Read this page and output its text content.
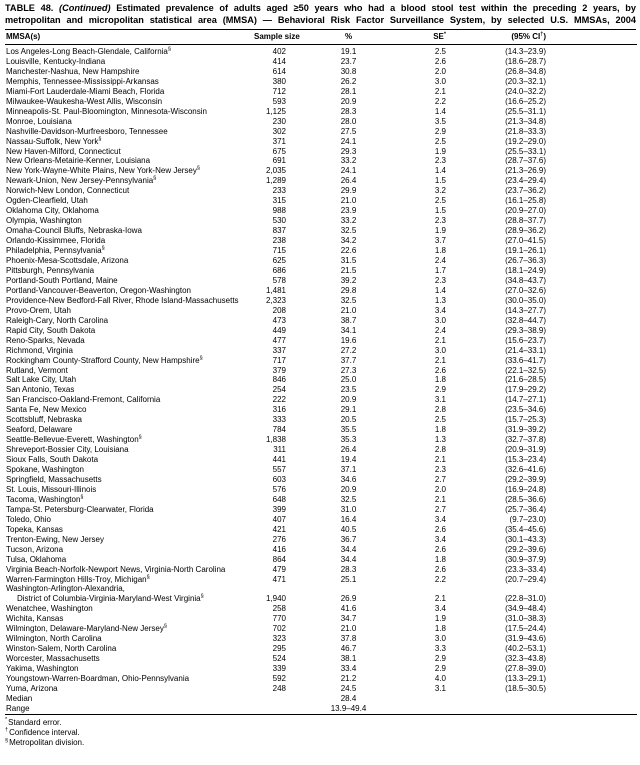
TABLE 48. (Continued) Estimated prevalence of adults aged ≥50 years who had a blood stool test within the preceding 2 years, by
metropolitan and micropolitan statistical area (MMSA) — Behavioral Risk Factor Surveillance System, by selected U.S. MMSAs, 2004
MMSA(s)	Sample size	%	SE*	(95% CI†)
Los Angeles-Long Beach-Glendale, California§	402	19.1	2.5	(14.3–23.9)
Louisville, Kentucky-Indiana	414	23.7	2.6	(18.6–28.7)
Manchester-Nashua, New Hampshire	614	30.8	2.0	(26.8–34.8)
Memphis, Tennessee-Mississippi-Arkansas	380	26.2	3.0	(20.3–32.1)
Miami-Fort Lauderdale-Miami Beach, Florida	712	28.1	2.1	(24.0–32.2)
Milwaukee-Waukesha-West Allis, Wisconsin	593	20.9	2.2	(16.6–25.2)
Minneapolis-St. Paul-Bloomington, Minnesota-Wisconsin	1,125	28.3	1.4	(25.5–31.1)
Monroe, Louisiana	230	28.0	3.5	(21.3–34.8)
Nashville-Davidson-Murfreesboro, Tennessee	302	27.5	2.9	(21.8–33.3)
Nassau-Suffolk, New York§	371	24.1	2.5	(19.2–29.0)
New Haven-Milford, Connecticut	675	29.3	1.9	(25.5–33.1)
New Orleans-Metairie-Kenner, Louisiana	691	33.2	2.3	(28.7–37.6)
New York-Wayne-White Plains, New York-New Jersey§	2,035	24.1	1.4	(21.3–26.9)
Newark-Union, New Jersey-Pennsylvania§	1,289	26.4	1.5	(23.4–29.4)
Norwich-New London, Connecticut	233	29.9	3.2	(23.7–36.2)
Ogden-Clearfield, Utah	315	21.0	2.5	(16.1–25.8)
Oklahoma City, Oklahoma	988	23.9	1.5	(20.9–27.0)
Olympia, Washington	530	33.2	2.3	(28.8–37.7)
Omaha-Council Bluffs, Nebraska-Iowa	837	32.5	1.9	(28.9–36.2)
Orlando-Kissimmee, Florida	238	34.2	3.7	(27.0–41.5)
Philadelphia, Pennsylvania§	715	22.6	1.8	(19.1–26.1)
Phoenix-Mesa-Scottsdale, Arizona	625	31.5	2.4	(26.7–36.3)
Pittsburgh, Pennsylvania	686	21.5	1.7	(18.1–24.9)
Portland-South Portland, Maine	578	39.2	2.3	(34.8–43.7)
Portland-Vancouver-Beaverton, Oregon-Washington	1,481	29.8	1.4	(27.0–32.6)
Providence-New Bedford-Fall River, Rhode Island-Massachusetts	2,323	32.5	1.3	(30.0–35.0)
Provo-Orem, Utah	208	21.0	3.4	(14.3–27.7)
Raleigh-Cary, North Carolina	473	38.7	3.0	(32.8–44.7)
Rapid City, South Dakota	449	34.1	2.4	(29.3–38.9)
Reno-Sparks, Nevada	477	19.6	2.1	(15.6–23.7)
Richmond, Virginia	337	27.2	3.0	(21.4–33.1)
Rockingham County-Strafford County, New Hampshire§	717	37.7	2.1	(33.6–41.7)
Rutland, Vermont	379	27.3	2.6	(22.1–32.5)
Salt Lake City, Utah	846	25.0	1.8	(21.6–28.5)
San Antonio, Texas	254	23.5	2.9	(17.9–29.2)
San Francisco-Oakland-Fremont, California	222	20.9	3.1	(14.7–27.1)
Santa Fe, New Mexico	316	29.1	2.8	(23.5–34.6)
Scottsbluff, Nebraska	333	20.5	2.5	(15.7–25.3)
Seaford, Delaware	784	35.5	1.8	(31.9–39.2)
Seattle-Bellevue-Everett, Washington§	1,838	35.3	1.3	(32.7–37.8)
Shreveport-Bossier City, Louisiana	311	26.4	2.8	(20.9–31.9)
Sioux Falls, South Dakota	441	19.4	2.1	(15.3–23.4)
Spokane, Washington	557	37.1	2.3	(32.6–41.6)
Springfield, Massachusetts	603	34.6	2.7	(29.2–39.9)
St. Louis, Missouri-Illinois	576	20.9	2.0	(16.9–24.8)
Tacoma, Washington§	648	32.5	2.1	(28.5–36.6)
Tampa-St. Petersburg-Clearwater, Florida	399	31.0	2.7	(25.7–36.4)
Toledo, Ohio	407	16.4	3.4	(9.7–23.0)
Topeka, Kansas	421	40.5	2.6	(35.4–45.6)
Trenton-Ewing, New Jersey	276	36.7	3.4	(30.1–43.3)
Tucson, Arizona	416	34.4	2.6	(29.2–39.6)
Tulsa, Oklahoma	864	34.4	1.8	(30.9–37.9)
Virginia Beach-Norfolk-Newport News, Virginia-North Carolina	479	28.3	2.6	(23.3–33.4)
Warren-Farmington Hills-Troy, Michigan§	471	25.1	2.2	(20.7–29.4)
Washington-Arlington-Alexandria,				
District of Columbia-Virginia-Maryland-West Virginia§	1,940	26.9	2.1	(22.8–31.0)
Wenatchee, Washington	258	41.6	3.4	(34.9–48.4)
Wichita, Kansas	770	34.7	1.9	(31.0–38.3)
Wilmington, Delaware-Maryland-New Jersey§	702	21.0	1.8	(17.5–24.4)
Wilmington, North Carolina	323	37.8	3.0	(31.9–43.6)
Winston-Salem, North Carolina	295	46.7	3.3	(40.2–53.1)
Worcester, Massachusetts	524	38.1	2.9	(32.3–43.8)
Yakima, Washington	339	33.4	2.9	(27.8–39.0)
Youngstown-Warren-Boardman, Ohio-Pennsylvania	592	21.2	4.0	(13.3–29.1)
Yuma, Arizona	248	24.5	3.1	(18.5–30.5)
Median		28.4		
Range		13.9–49.4		
*Standard error.
†Confidence interval.
§Metropolitan division.
